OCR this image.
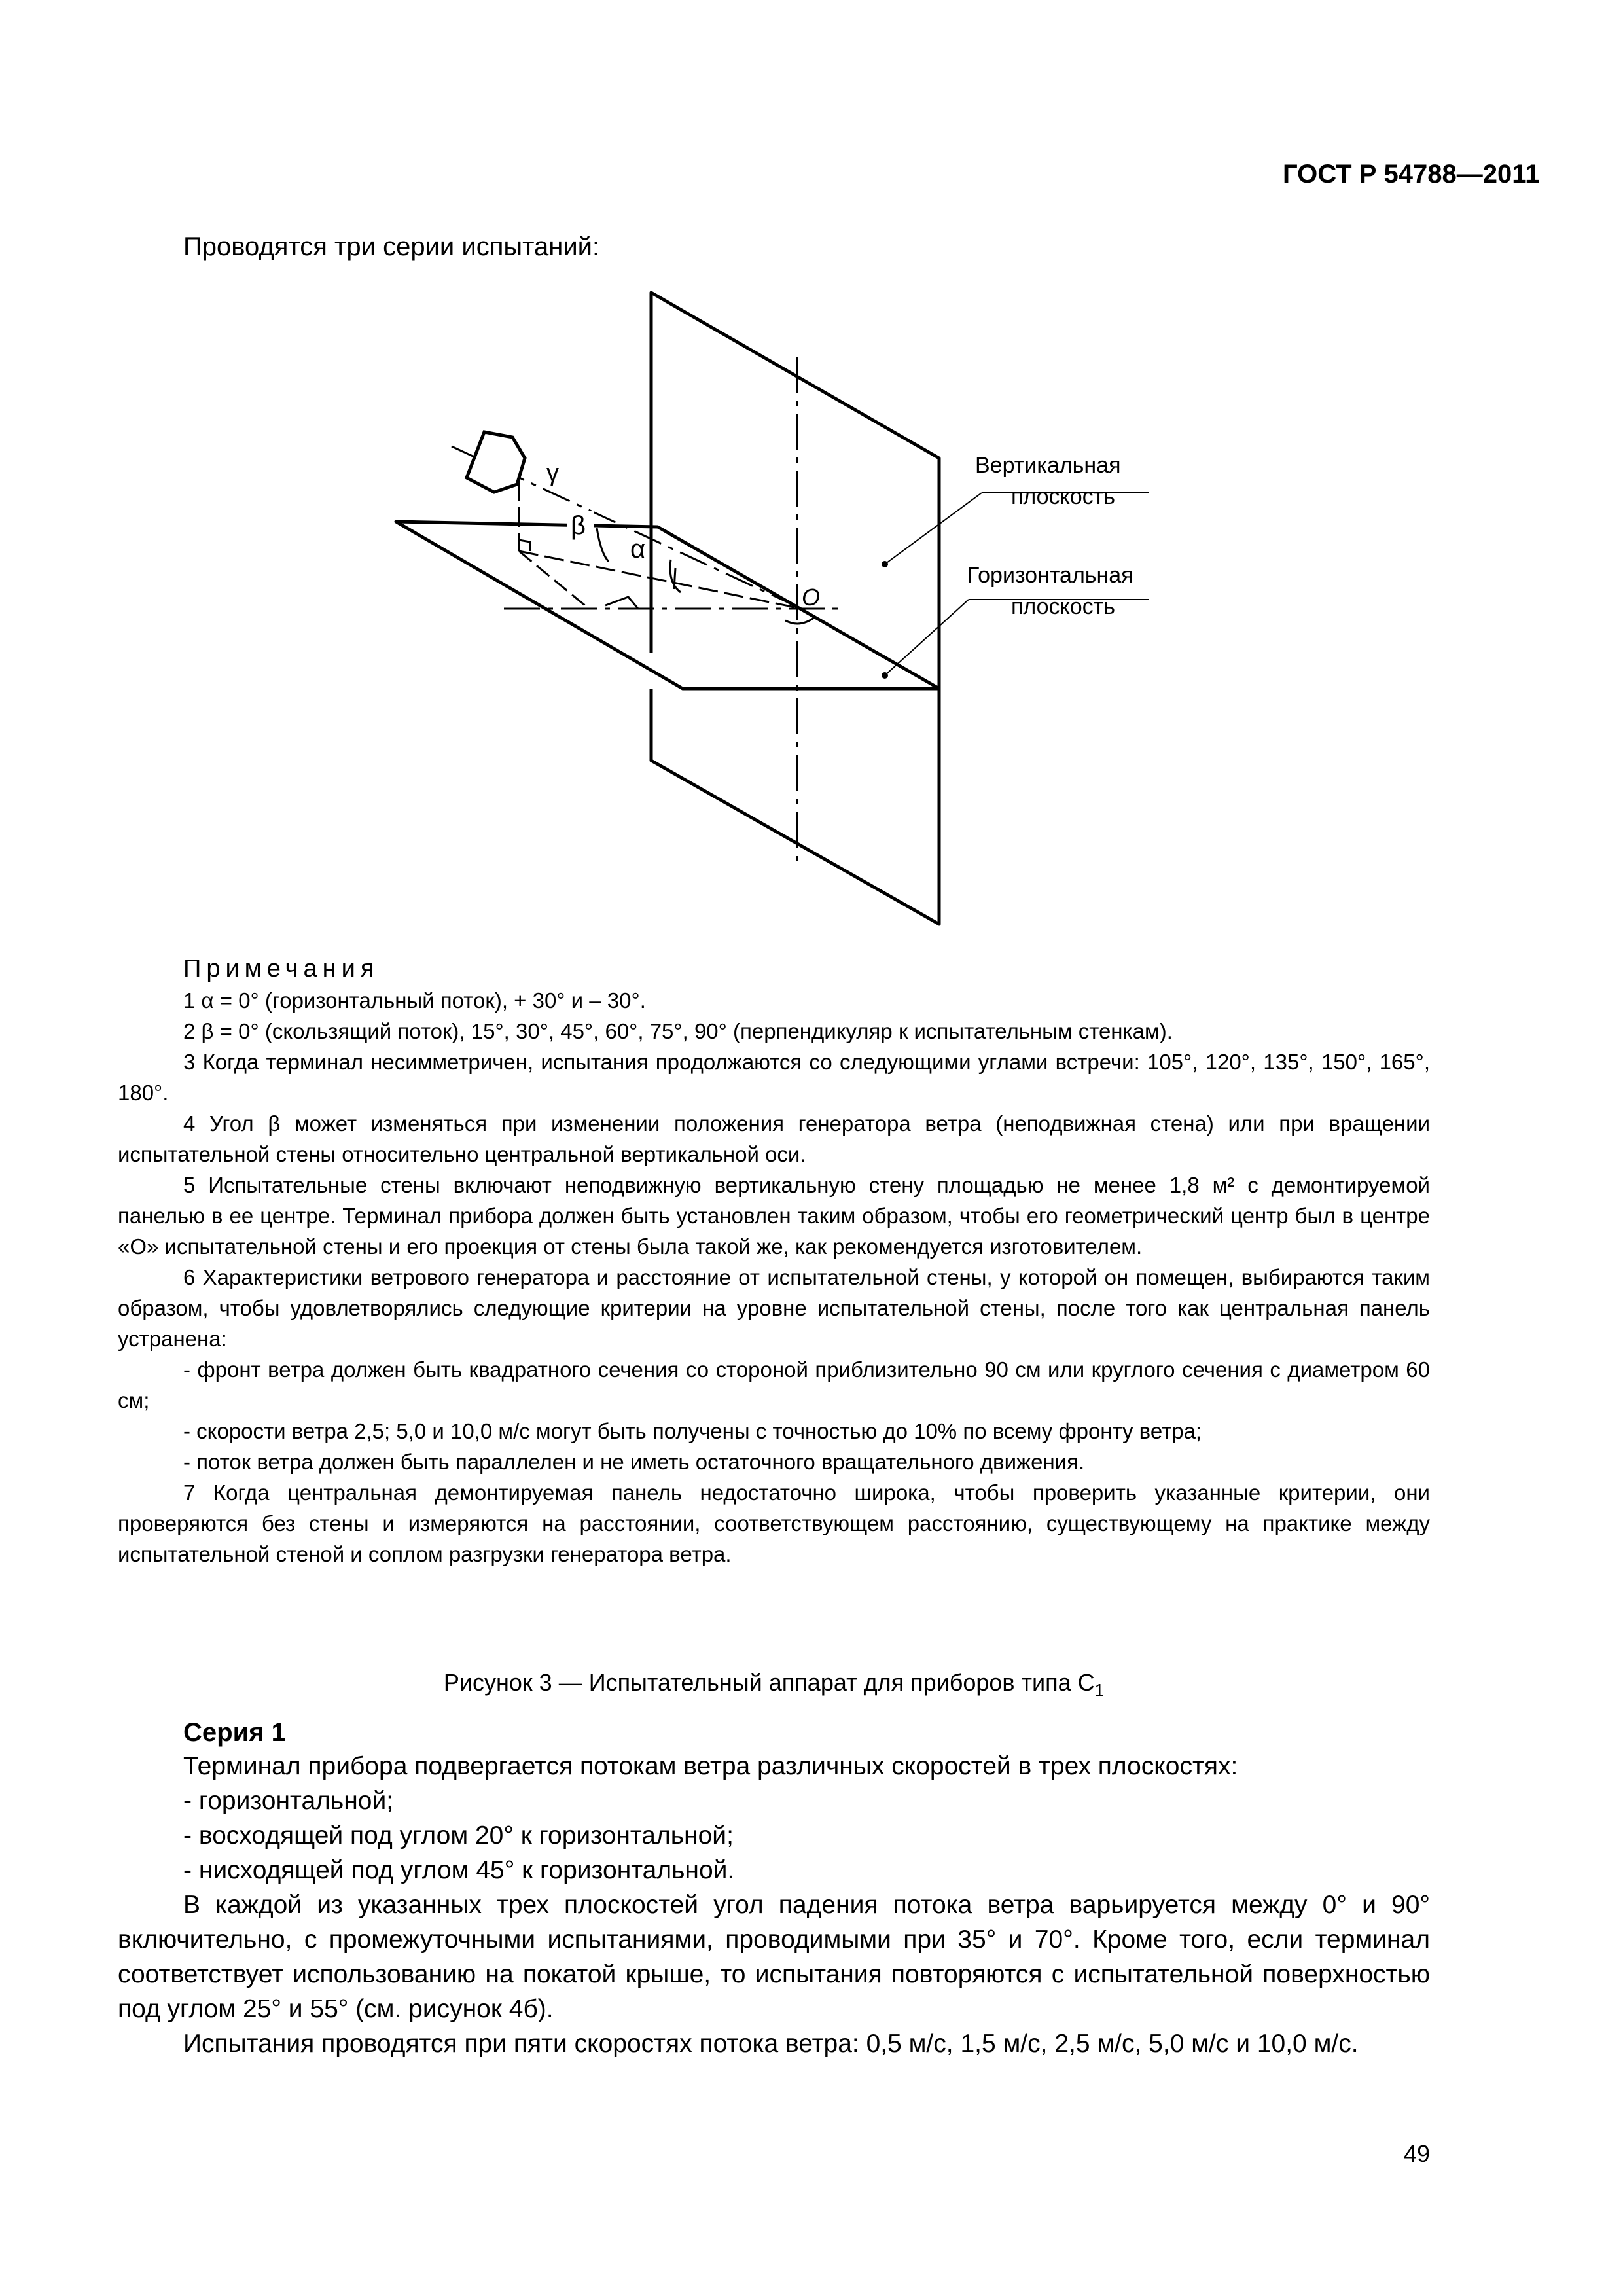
ГОСТ Р 54788—2011
Проводятся три серии испытаний:
β
γ
α
O
Вертикальная
плоскость
Горизонтальная
плоскость
Примечания

1 α = 0° (горизонтальный поток), + 30° и – 30°.

2 β = 0° (скользящий поток), 15°, 30°, 45°, 60°, 75°, 90° (перпендикуляр к испытательным стенкам).

3 Когда терминал несимметричен, испытания продолжаются со следующими углами встречи: 105°, 120°, 135°, 150°, 165°, 180°.

4 Угол β может изменяться при изменении положения генератора ветра (неподвижная стена) или при вращении испытательной стены относительно центральной вертикальной оси.

5 Испытательные стены включают неподвижную вертикальную стену площадью не менее 1,8 м² с демонтируемой панелью в ее центре. Терминал прибора должен быть установлен таким образом, чтобы его геометрический центр был в центре «О» испытательной стены и его проекция от стены была такой же, как рекомендуется изготовителем.

6 Характеристики ветрового генератора и расстояние от испытательной стены, у которой он помещен, выбираются таким образом, чтобы удовлетворялись следующие критерии на уровне испытательной стены, после того как центральная панель устранена:

- фронт ветра должен быть квадратного сечения со стороной приблизительно 90 см или круглого сечения с диаметром 60 см;

- скорости ветра 2,5; 5,0 и 10,0 м/с могут быть получены с точностью до 10% по всему фронту ветра;

- поток ветра должен быть параллелен и не иметь остаточного вращательного движения.

7 Когда центральная демонтируемая панель недостаточно широка, чтобы проверить указанные критерии, они проверяются без стены и измеряются на расстоянии, соответствующем расстоянию, существующему на практике между испытательной стеной и соплом разгрузки генератора ветра.

Рисунок 3 — Испытательный аппарат для приборов типа $С_1$
Серия 1

Терминал прибора подвергается потокам ветра различных скоростей в трех плоскостях:

- горизонтальной;

- восходящей под углом 20° к горизонтальной;

- нисходящей под углом 45° к горизонтальной.

В каждой из указанных трех плоскостей угол падения потока ветра варьируется между 0° и 90° включительно, с промежуточными испытаниями, проводимыми при 35° и 70°. Кроме того, если терминал соответствует использованию на покатой крыше, то испытания повторяются с испытательной поверхностью под углом 25° и 55° (см. рисунок 4б).

Испытания проводятся при пяти скоростях потока ветра: 0,5 м/с, 1,5 м/с, 2,5 м/с, 5,0 м/с и 10,0 м/с.

49
